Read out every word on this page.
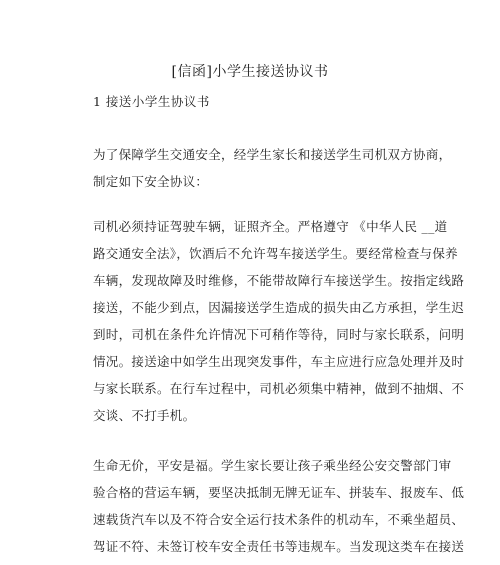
[信函]小学生接送协议书
1 接送小学生协议书
为了保障学生交通安全，经学生家长和接送学生司机双方协商，
制定如下安全协议：
司机必须持证驾驶车辆，证照齐全。严格遵守 《中华人民 __道
路交通安全法》，饮酒后不允许驾车接送学生。要经常检查与保养
车辆，发现故障及时维修，不能带故障行车接送学生。按指定线路
接送，不能少到点，因漏接送学生造成的损失由乙方承担，学生迟
到时，司机在条件允许情况下可稍作等待，同时与家长联系，问明
情况。接送途中如学生出现突发事件，车主应进行应急处理并及时
与家长联系。在行车过程中，司机必须集中精神，做到不抽烟、不
交谈、不打手机。
生命无价，平安是福。学生家长要让孩子乘坐经公安交警部门审
验合格的营运车辆，要坚决抵制无牌无证车、拼装车、报废车、低
速载货汽车以及不符合安全运行技术条件的机动车，不乘坐超员、
驾证不符、未签订校车安全责任书等违规车。当发现这类车在接送
